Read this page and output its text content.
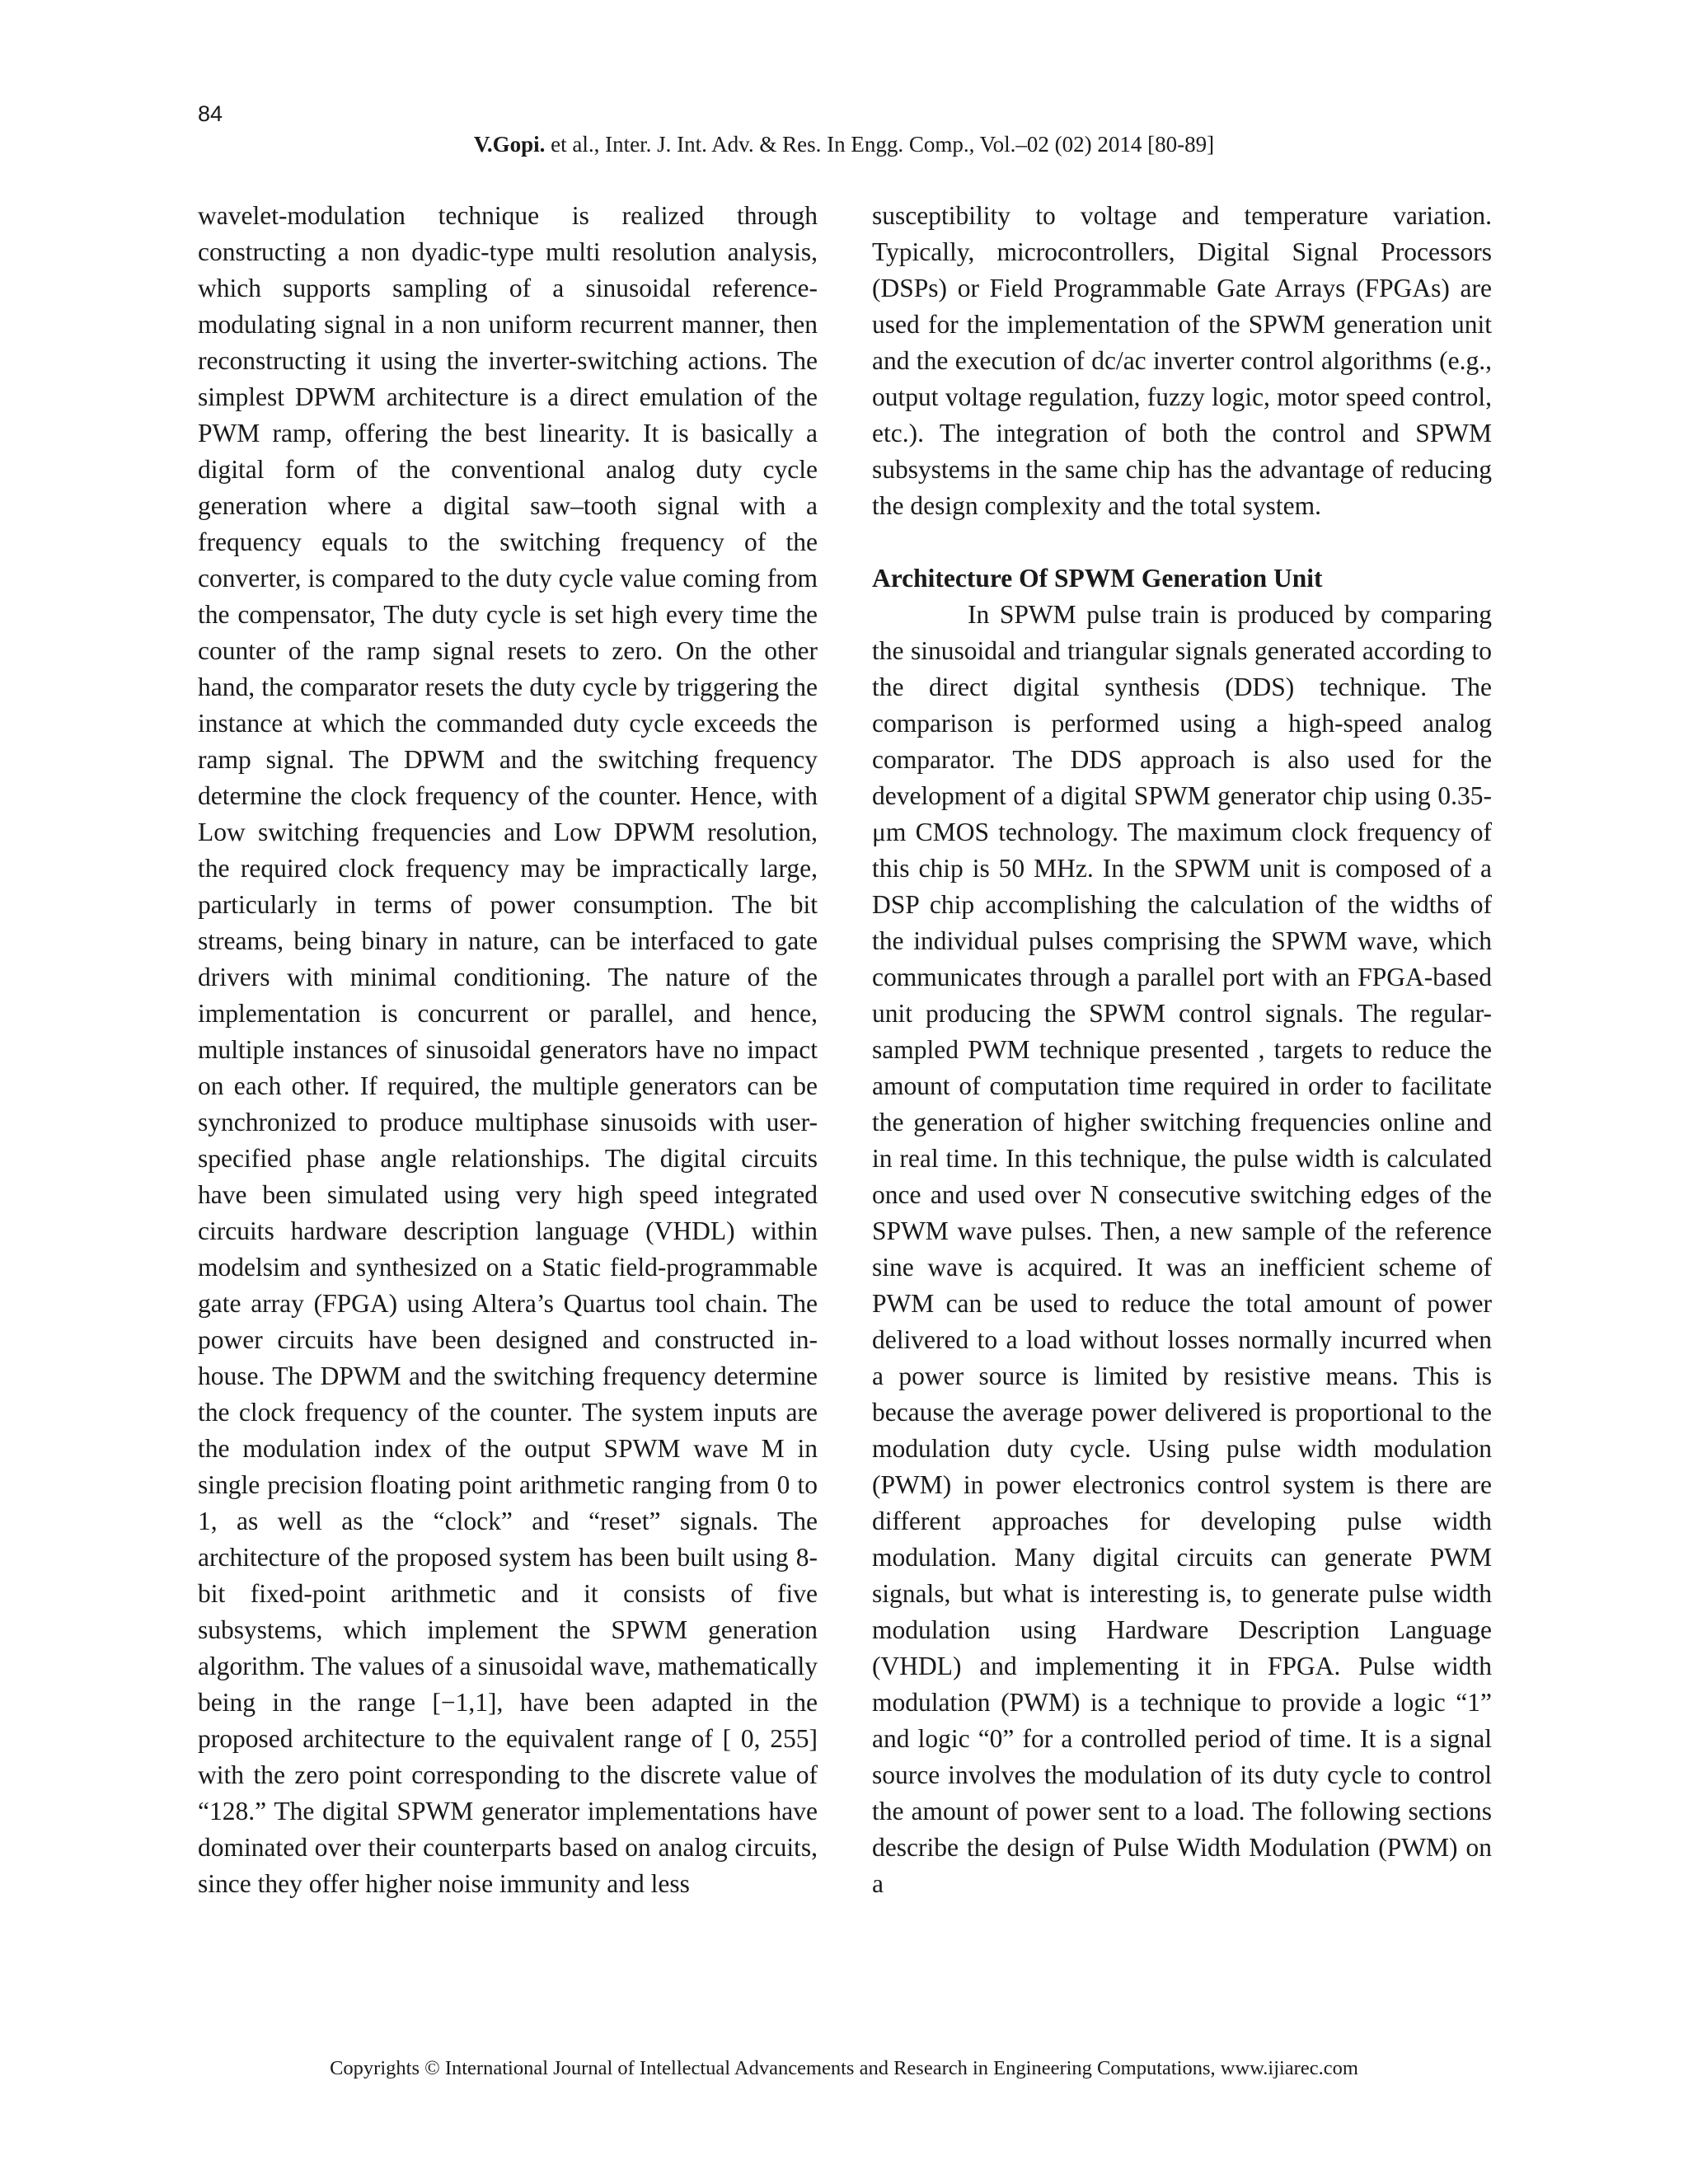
84
V.Gopi. et al., Inter. J. Int. Adv. & Res. In Engg. Comp., Vol.–02 (02) 2014 [80-89]

wavelet-modulation technique is realized through constructing a non dyadic-type multi resolution analysis, which supports sampling of a sinusoidal reference- modulating signal in a non uniform recurrent manner, then reconstructing it using the inverter-switching actions. The simplest DPWM architecture is a direct emulation of the PWM ramp, offering the best linearity. It is basically a digital form of the conventional analog duty cycle generation where a digital saw–tooth signal with a frequency equals to the switching frequency of the converter, is compared to the duty cycle value coming from the compensator, The duty cycle is set high every time the counter of the ramp signal resets to zero. On the other hand, the comparator resets the duty cycle by triggering the instance at which the commanded duty cycle exceeds the ramp signal. The DPWM and the switching frequency determine the clock frequency of the counter. Hence, with Low switching frequencies and Low DPWM resolution, the required clock frequency may be impractically large, particularly in terms of power consumption. The bit streams, being binary in nature, can be interfaced to gate drivers with minimal conditioning. The nature of the implementation is concurrent or parallel, and hence, multiple instances of sinusoidal generators have no impact on each other. If required, the multiple generators can be synchronized to produce multiphase sinusoids with user-specified phase angle relationships. The digital circuits have been simulated using very high speed integrated circuits hardware description language (VHDL) within modelsim and synthesized on a Static field-programmable gate array (FPGA) using Altera’s Quartus tool chain. The power circuits have been designed and constructed in-house. The DPWM and the switching frequency determine the clock frequency of the counter. The system inputs are the modulation index of the output SPWM wave M in single precision floating point arithmetic ranging from 0 to 1, as well as the “clock” and “reset” signals. The architecture of the proposed system has been built using 8-bit fixed-point arithmetic and it consists of five subsystems, which implement the SPWM generation algorithm. The values of a sinusoidal wave, mathematically being in the range [−1,1], have been adapted in the proposed architecture to the equivalent range of [ 0, 255] with the zero point corresponding to the discrete value of “128.” The digital SPWM generator implementations have dominated over their counterparts based on analog circuits, since they offer higher noise immunity and less

susceptibility to voltage and temperature variation. Typically, microcontrollers, Digital Signal Processors (DSPs) or Field Programmable Gate Arrays (FPGAs) are used for the implementation of the SPWM generation unit and the execution of dc/ac inverter control algorithms (e.g., output voltage regulation, fuzzy logic, motor speed control, etc.). The integration of both the control and SPWM subsystems in the same chip has the advantage of reducing the design complexity and the total system.

Architecture Of SPWM Generation Unit

In SPWM pulse train is produced by comparing the sinusoidal and triangular signals generated according to the direct digital synthesis (DDS) technique. The comparison is performed using a high-speed analog comparator. The DDS approach is also used for the development of a digital SPWM generator chip using 0.35-μm CMOS technology. The maximum clock frequency of this chip is 50 MHz. In the SPWM unit is composed of a DSP chip accomplishing the calculation of the widths of the individual pulses comprising the SPWM wave, which communicates through a parallel port with an FPGA-based unit producing the SPWM control signals. The regular- sampled PWM technique presented , targets to reduce the amount of computation time required in order to facilitate the generation of higher switching frequencies online and in real time. In this technique, the pulse width is calculated once and used over N consecutive switching edges of the SPWM wave pulses. Then, a new sample of the reference sine wave is acquired. It was an inefficient scheme of PWM can be used to reduce the total amount of power delivered to a load without losses normally incurred when a power source is limited by resistive means. This is because the average power delivered is proportional to the modulation duty cycle. Using pulse width modulation (PWM) in power electronics control system is there are different approaches for developing pulse width modulation. Many digital circuits can generate PWM signals, but what is interesting is, to generate pulse width modulation using Hardware Description Language (VHDL) and implementing it in FPGA. Pulse width modulation (PWM) is a technique to provide a logic “1” and logic “0” for a controlled period of time. It is a signal source involves the modulation of its duty cycle to control the amount of power sent to a load. The following sections describe the design of Pulse Width Modulation (PWM) on a

Copyrights © International Journal of Intellectual Advancements and Research in Engineering Computations, www.ijiarec.com
